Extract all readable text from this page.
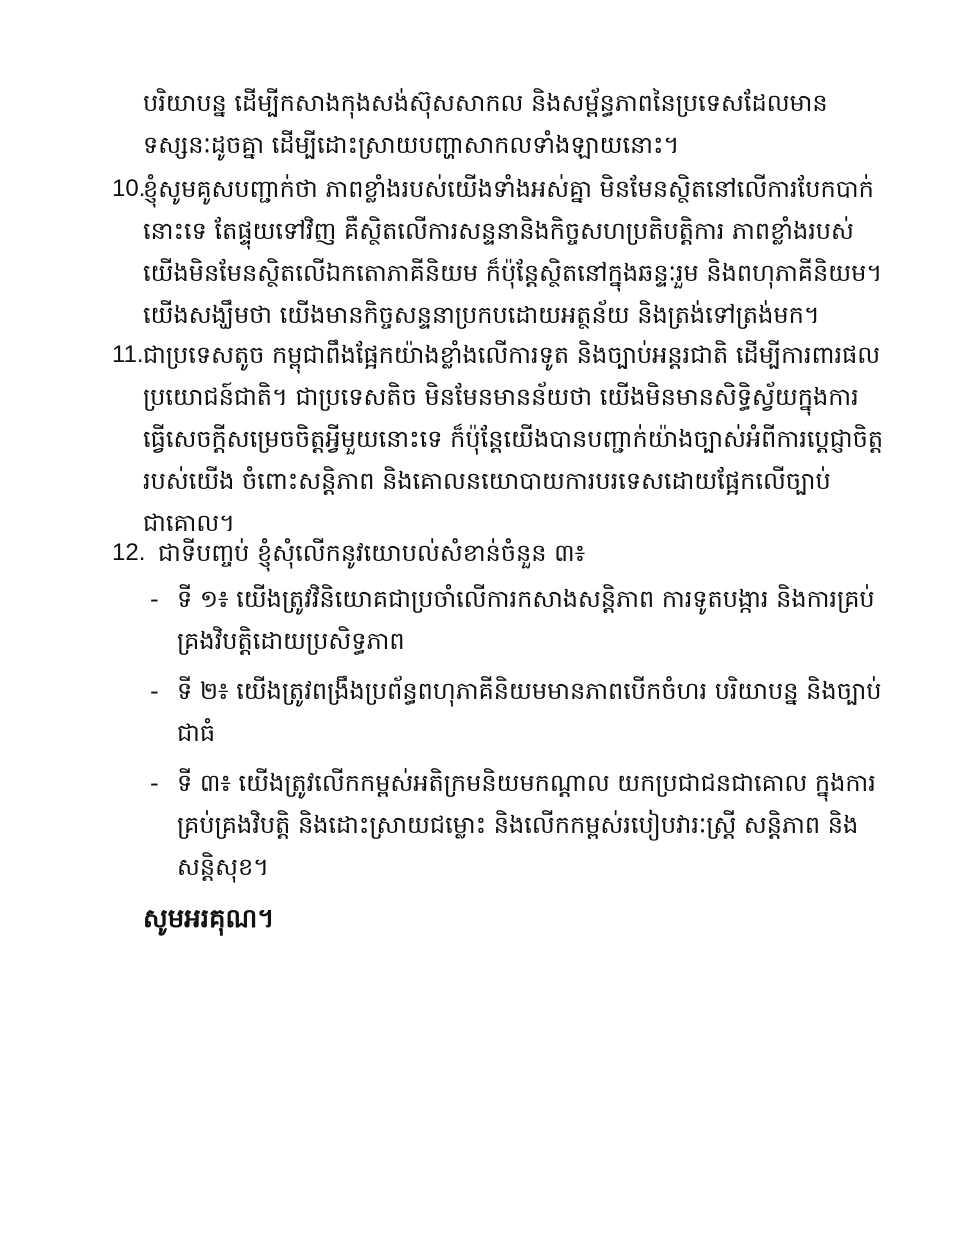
បរិយាបន្ន ដើម្បីកសាងកុងសង់ស៊ុសសាកល និងសម្ព័ន្ធភាពនៃប្រទេសដែលមានទស្សនៈដូចគ្នា ដើម្បីដោះស្រាយបញ្ហាសាកលទាំងឡាយនោះ។
10.
ខ្ញុំសូមគូសបញ្ជាក់ថា ភាពខ្លាំងរបស់យើងទាំងអស់គ្នា មិនមែនស្ថិតនៅលើការបែកបាក់នោះទេ តែផ្ទុយទៅវិញ គឺស្ថិតលើការសន្ទនានិងកិច្ចសហប្រតិបត្តិការ ភាពខ្លាំងរបស់យើងមិនមែនស្ថិតលើឯកតោភាគីនិយម ក៏ប៉ុន្តែស្ថិតនៅក្នុងឆន្ទៈរួម និងពហុភាគីនិយម។ យើងសង្ឃឹមថា យើងមានកិច្ចសន្ទនាប្រកបដោយអត្ថន័យ និងត្រង់ទៅត្រង់មក។
11. ជាប្រទេសតូច កម្ពុជាពឹងផ្អែកយ៉ាងខ្លាំងលើការទូត និងច្បាប់អន្តរជាតិ ដើម្បីការពារផលប្រយោជន៍ជាតិ។ ជាប្រទេសតិច មិនមែនមានន័យថា យើងមិនមានសិទ្ធិស្វ័យក្នុងការធ្វើសេចក្តីសម្រេចចិត្តអ្វីមួយនោះទេ ក៏ប៉ុន្តែយើងបានបញ្ជាក់យ៉ាងច្បាស់អំពីការប្តេជ្ញាចិត្តរបស់យើង ចំពោះសន្តិភាព និងគោលនយោបាយការបរទេសដោយផ្អែកលើច្បាប់ជាគោល។
12. ជាទីបញ្ចប់ ខ្ញុំសុំលើកនូវយោបល់សំខាន់ចំនួន ៣៖
- ទី ១៖ យើងត្រូវវិនិយោគជាប្រចាំលើការកសាងសន្តិភាព ការទូតបង្ការ និងការគ្រប់គ្រងវិបត្តិដោយប្រសិទ្ធភាព
- ទី ២៖ យើងត្រូវពង្រឹងប្រព័ន្ធពហុភាគីនិយមមានភាពបើកចំហរ បរិយាបន្ន និងច្បាប់ជាធំ
- ទី ៣៖ យើងត្រូវលើកកម្ពស់អតិក្រមនិយមកណ្តាល យកប្រជាជនជាគោល ក្នុងការគ្រប់គ្រងវិបត្តិ និងដោះស្រាយជម្លោះ និងលើកកម្ពស់របៀបវារៈស្ត្រី សន្តិភាព និងសន្តិសុខ។
សូមអរគុណ។
